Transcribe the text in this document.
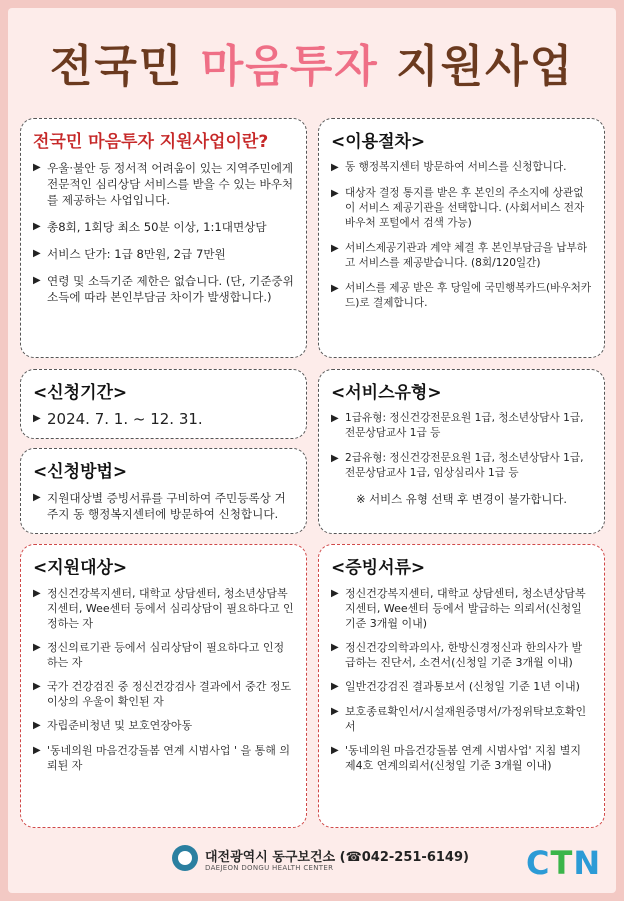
전국민 마음투자 지원사업
전국민 마음투자 지원사업이란?
▶ 우울·불안 등 정서적 어려움이 있는 지역주민에게 전문적인 심리상담 서비스를 받을 수 있는 바우처를 제공하는 사업입니다.
▶ 총8회, 1회당 최소 50분 이상, 1:1대면상담
▶ 서비스 단가: 1급 8만원, 2급 7만원
▶ 연령 및 소득기준 제한은 없습니다. (단, 기준중위소득에 따라 본인부담금 차이가 발생합니다.)
<이용절차>
▶ 동 행정복지센터 방문하여 서비스를 신청합니다.
▶ 대상자 결정 통지를 받은 후 본인의 주소지에 상관없이 서비스 제공기관을 선택합니다. (사회서비스 전자바우처 포털에서 검색 가능)
▶ 서비스제공기관과 계약 체결 후 본인부담금을 납부하고 서비스를 제공받습니다. (8회/120일간)
▶ 서비스를 제공 받은 후 당일에 국민행복카드(바우처카드)로 결제합니다.
<신청기간>
▶ 2024. 7. 1. ~ 12. 31.
<신청방법>
▶ 지원대상별 증빙서류를 구비하여 주민등록상 거주지 동 행정복지센터에 방문하여 신청합니다.
<서비스유형>
▶ 1급유형: 정신건강전문요원 1급, 청소년상담사 1급, 전문상담교사 1급 등
▶ 2급유형: 정신건강전문요원 1급, 청소년상담사 1급, 전문상담교사 1급, 임상심리사 1급 등
※ 서비스 유형 선택 후 변경이 불가합니다.
<지원대상>
▶ 정신건강복지센터, 대학교 상담센터, 청소년상담복지센터, Wee센터 등에서 심리상담이 필요하다고 인정하는 자
▶ 정신의료기관 등에서 심리상담이 필요하다고 인정하는 자
▶ 국가 건강검진 중 정신건강검사 결과에서 중간 정도 이상의 우울이 확인된 자
▶ 자립준비청년 및 보호연장아동
▶ '동네의원 마음건강돌봄 연계 시범사업 ' 을 통해 의뢰된 자
<증빙서류>
▶ 정신건강복지센터, 대학교 상담센터, 청소년상담복지센터, Wee센터 등에서 발급하는 의뢰서(신청일 기준 3개월 이내)
▶ 정신건강의학과의사, 한방신경정신과 한의사가 발급하는 진단서, 소견서(신청일 기준 3개월 이내)
▶ 일반건강검진 결과통보서 (신청일 기준 1년 이내)
▶ 보호종료확인서/시설재원증명서/가정위탁보호확인서
▶ '동네의원 마음건강돌봄 연계 시범사업' 지침 별지 제4호 연계의뢰서(신청일 기준 3개월 이내)
대전광역시 동구보건소 (☎042-251-6149)
DAEJEON DONGU HEALTH CENTER	CTN
